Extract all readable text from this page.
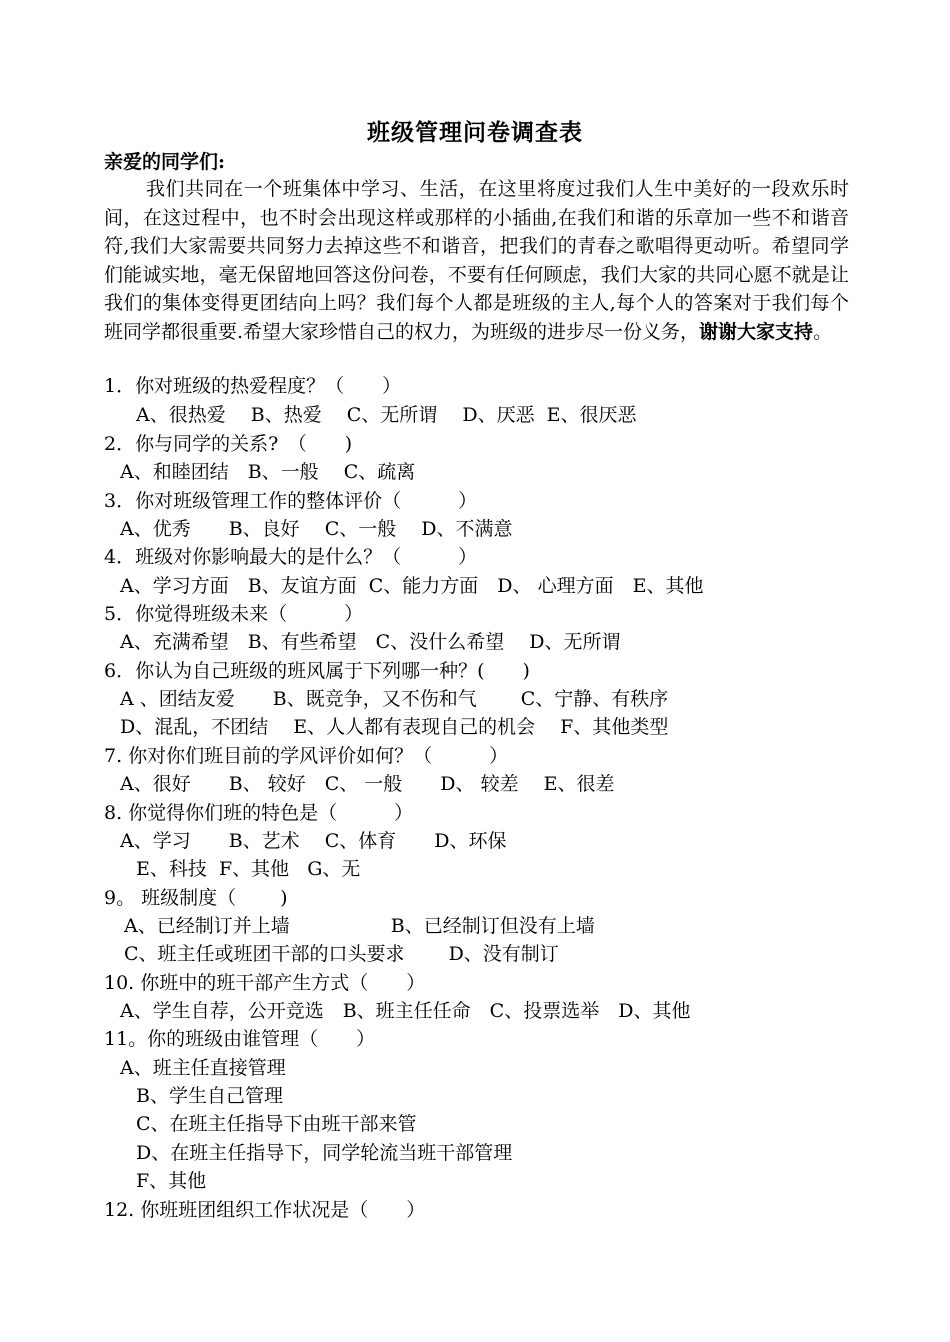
班级管理问卷调查表
亲爱的同学们:
我们共同在一个班集体中学习、生活，在这里将度过我们人生中美好的一段欢乐时间，在这过程中，也不时会出现这样或那样的小插曲,在我们和谐的乐章加一些不和谐音符,我们大家需要共同努力去掉这些不和谐音，把我们的青春之歌唱得更动听。希望同学们能诚实地，毫无保留地回答这份问卷，不要有任何顾虑，我们大家的共同心愿不就是让我们的集体变得更团结向上吗？我们每个人都是班级的主人,每个人的答案对于我们每个班同学都很重要.希望大家珍惜自己的权力，为班级的进步尽一份义务，谢谢大家支持。
1．你对班级的热爱程度？（　　）
A、很热爱　 B、热爱　 C、无所谓　 D、厌恶  E、很厌恶
2．你与同学的关系?　（　　)
A、和睦团结　B、一般　 C、疏离
3．你对班级管理工作的整体评价（　　　）
A、优秀　　B、良好　 C、一般　 D、不满意
4．班级对你影响最大的是什么？（　　　）
A、学习方面　B、友谊方面  C、能力方面　D、 心理方面　E、其他
5．你觉得班级未来（　　　）
A、充满希望　B、有些希望　C、没什么希望　 D、无所谓
6．你认为自己班级的班风属于下列哪一种？(　　)
A 、团结友爱　　B、既竞争，又不伤和气　　 C、宁静、有秩序
D、混乱，不团结　 E、人人都有表现自己的机会　 F、其他类型
7. 你对你们班目前的学风评价如何？（　　　）
A、很好　　B、 较好　C、 一般　　D、 较差　 E、很差
8. 你觉得你们班的特色是（　　　）
A、学习　　B、艺术　 C、体育　　D、环保
E、科技  F、其他   G、无
9。 班级制度（　　 )
A、已经制订并上墙　　　　　 B、已经制订但没有上墙
C、班主任或班团干部的口头要求　　 D、没有制订
10. 你班中的班干部产生方式（　　）
A、学生自荐，公开竞选　B、班主任任命　C、投票选举　D、其他
11。你的班级由谁管理（　　）
A、班主任直接管理
B、学生自己管理
C、在班主任指导下由班干部来管
D、在班主任指导下，同学轮流当班干部管理
F、其他
12. 你班班团组织工作状况是（　　）
